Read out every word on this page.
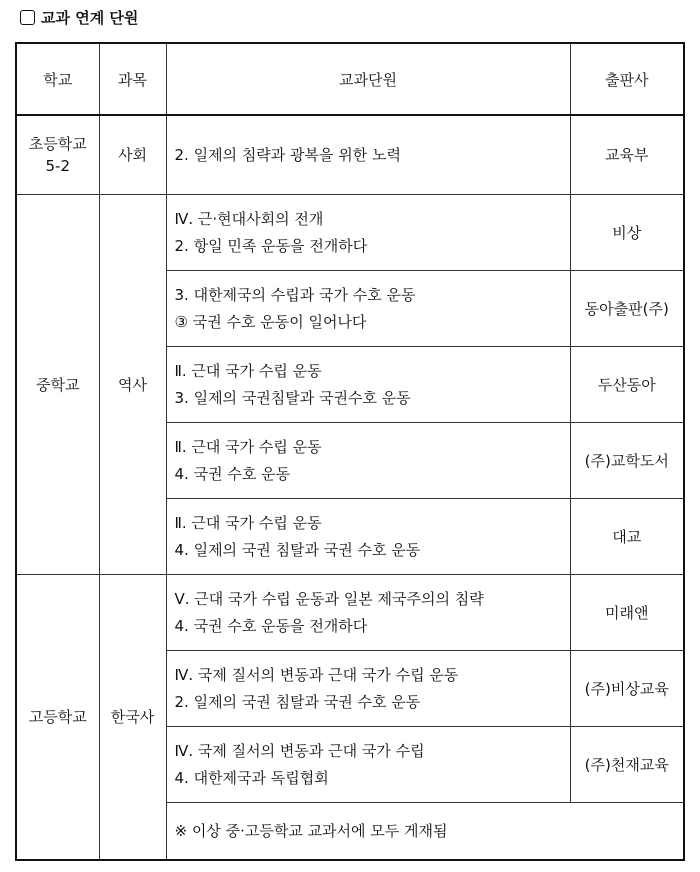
교과 연계 단원
학교	과목	교과단원	출판사
초등학교
5-2	사회	2. 일제의 침략과 광복을 위한 노력	교육부
중학교	역사	Ⅳ. 근·현대사회의 전개
2. 항일 민족 운동을 전개하다	비상

		3. 대한제국의 수립과 국가 수호 운동
③ 국권 수호 운동이 일어나다	동아출판(주)

		Ⅱ. 근대 국가 수립 운동
3. 일제의 국권침탈과 국권수호 운동	두산동아

		Ⅱ. 근대 국가 수립 운동
4. 국권 수호 운동	(주)교학도서

		Ⅱ. 근대 국가 수립 운동
4. 일제의 국권 침탈과 국권 수호 운동	대교
고등학교	한국사	Ⅴ. 근대 국가 수립 운동과 일본 제국주의의 침략
4. 국권 수호 운동을 전개하다	미래앤

		Ⅳ. 국제 질서의 변동과 근대 국가 수립 운동
2. 일제의 국권 침탈과 국권 수호 운동	(주)비상교육

		Ⅳ. 국제 질서의 변동과 근대 국가 수립
4. 대한제국과 독립협회	(주)천재교육

		※ 이상 중·고등학교 교과서에 모두 게재됨	
